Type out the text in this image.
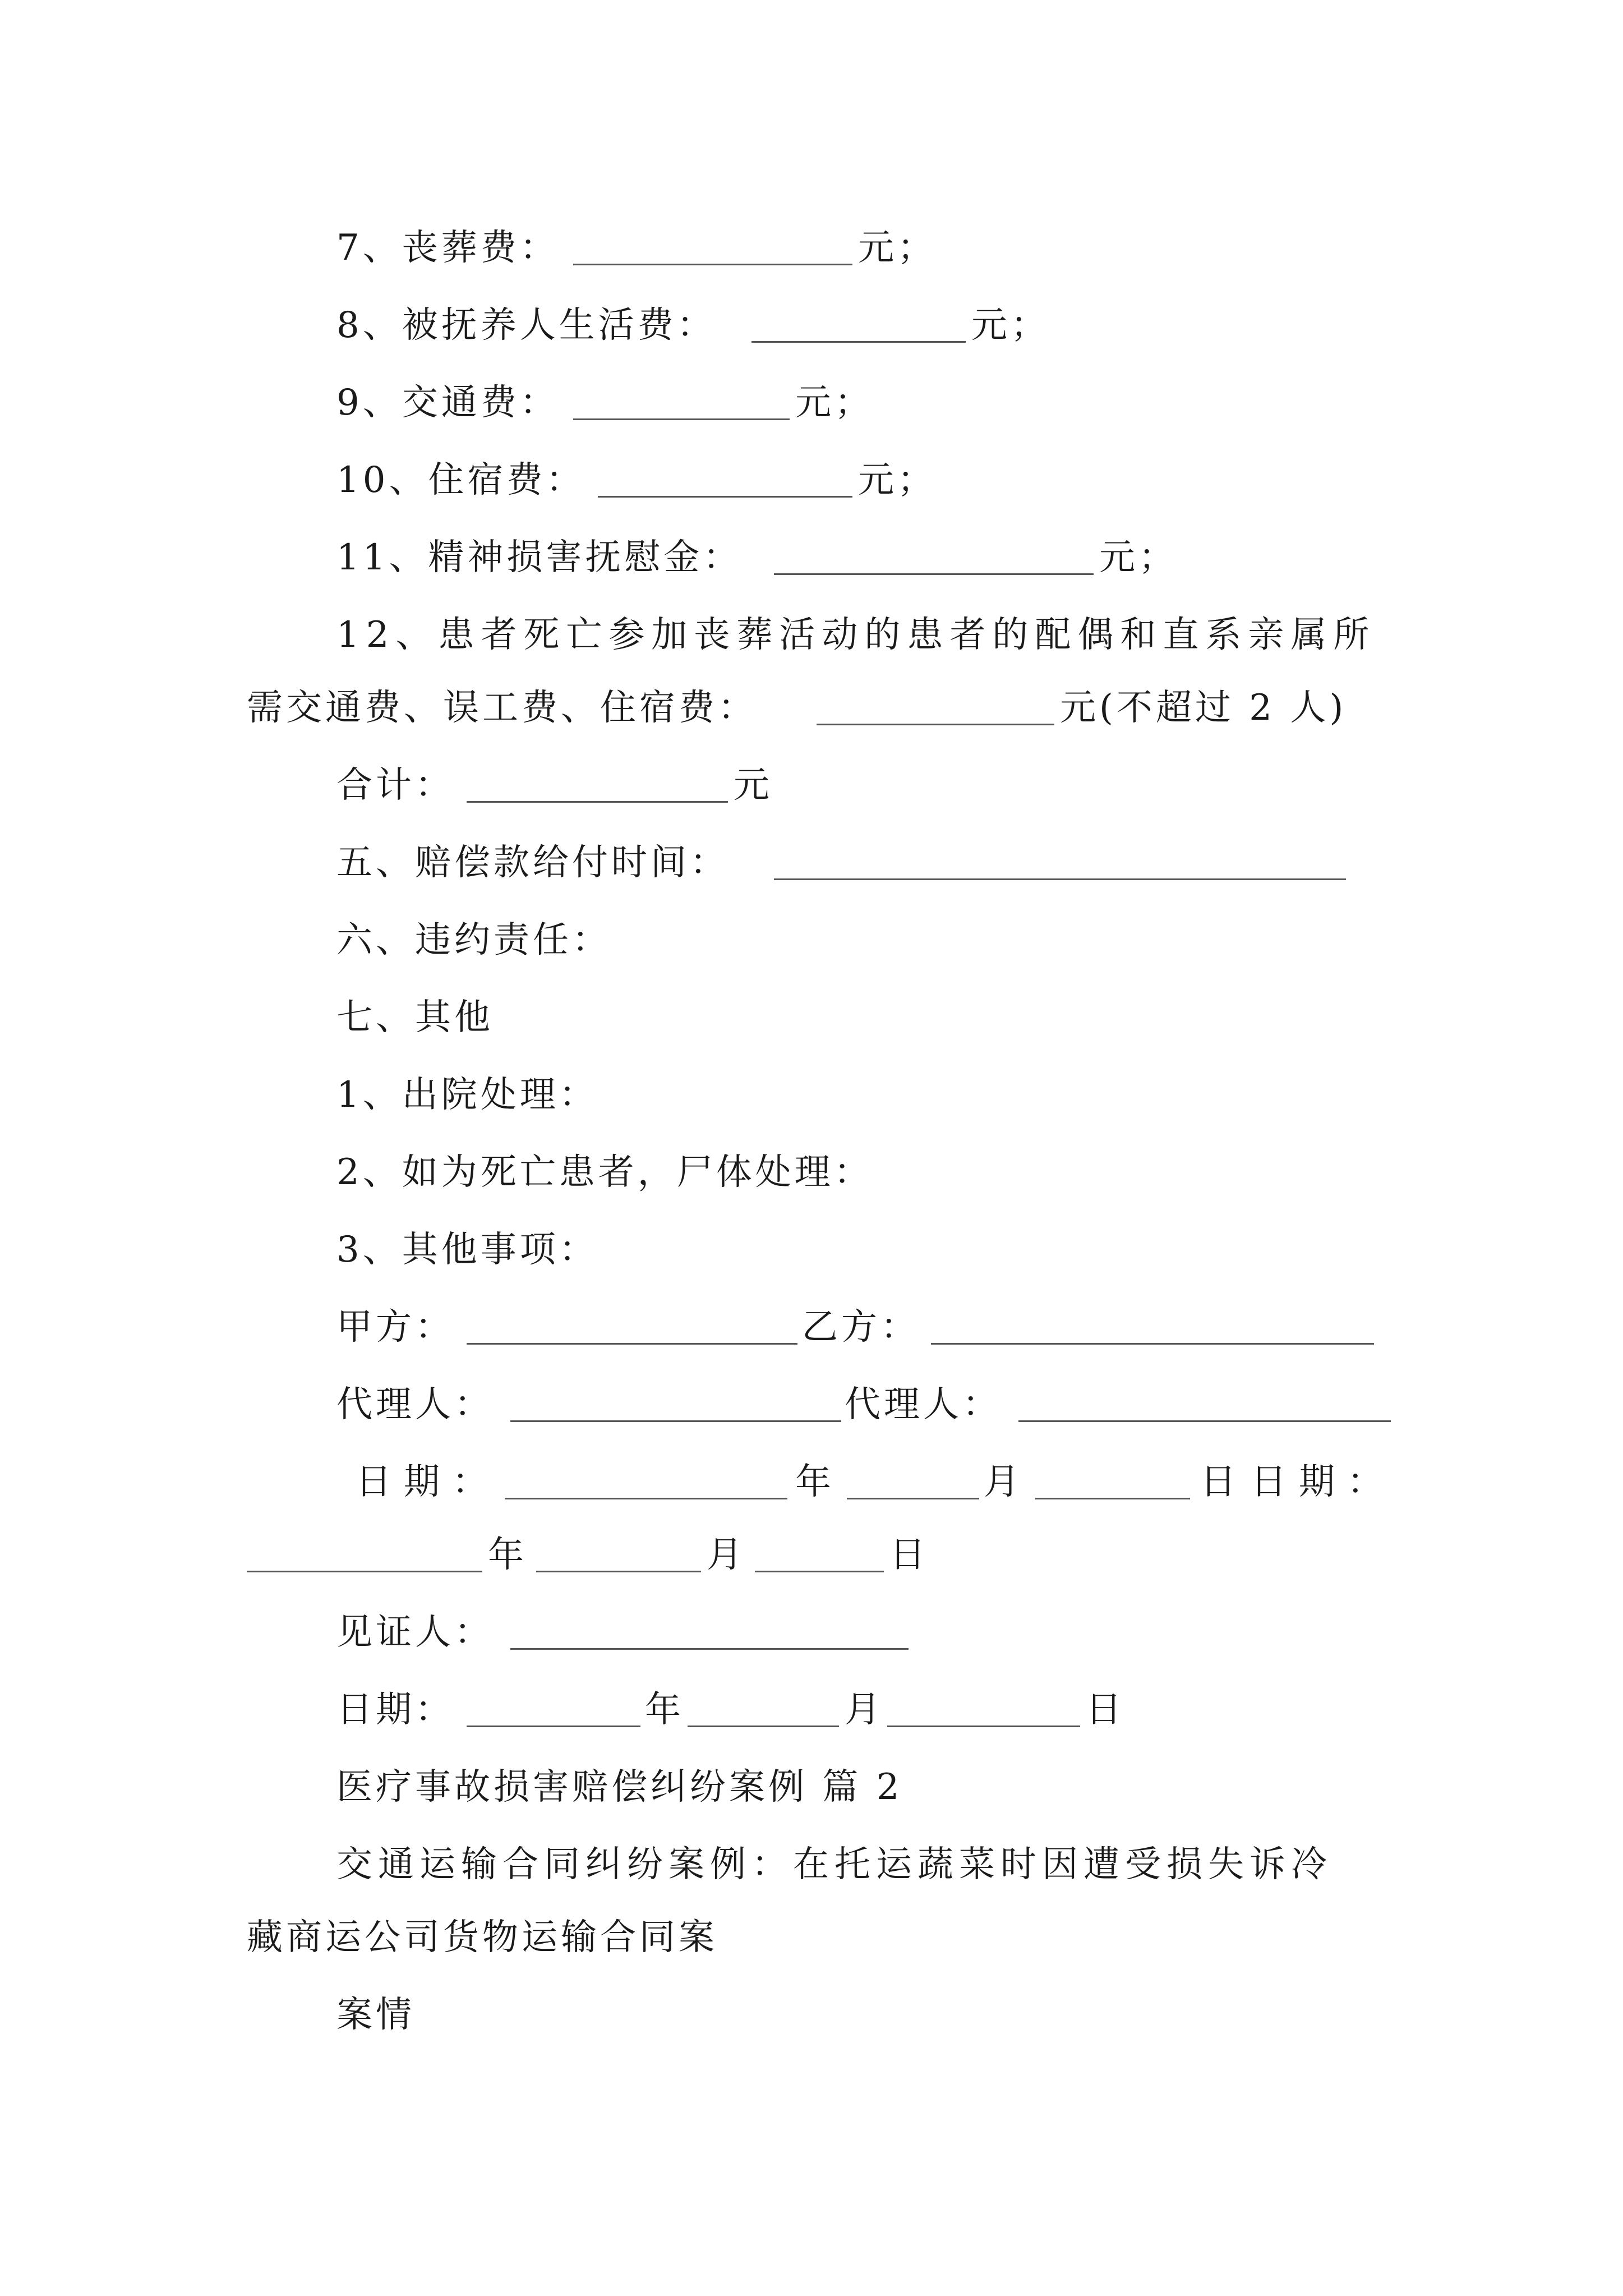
7、丧葬费：	元；
8、被抚养人生活费：	元；
9、交通费：	元；
10、住宿费：	元；
11、精神损害抚慰金：	元；
12、患者死亡参加丧葬活动的患者的配偶和直系亲属所
需交通费、误工费、住宿费：	元(不超过 2 人)
合计：	元
五、赔偿款给付时间：
六、违约责任：
七、其他
1、出院处理：
2、如为死亡患者，尸体处理：
3、其他事项：
甲方：	乙方：
代理人：	代理人：
日期：	年	月	日 日期：
年	月	日
见证人：
日期：	年	月	日
医疗事故损害赔偿纠纷案例 篇 2
交通运输合同纠纷案例：在托运蔬菜时因遭受损失诉冷
藏商运公司货物运输合同案
案情
